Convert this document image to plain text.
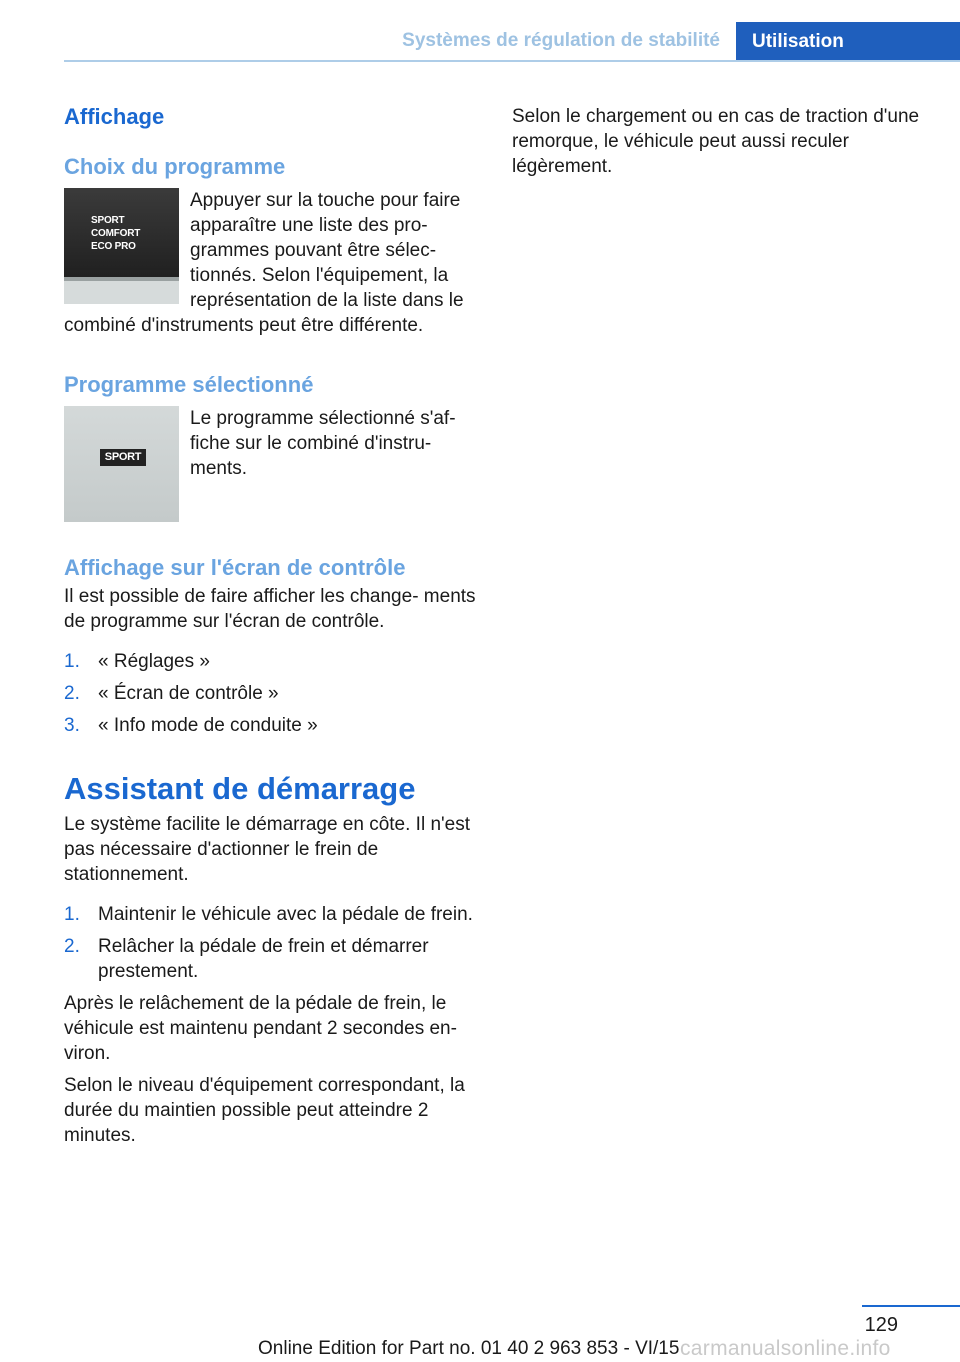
Systèmes de régulation de stabilité	Utilisation
Affichage
Choix du programme
SPORT
COMFORT
ECO PRO

Appuyer sur la touche pour faire apparaître une liste des pro‐ grammes pouvant être sélec‐ tionnés. Selon l'équipement, la représentation de la liste dans le combiné d'instruments peut être différente.

Programme sélectionné
SPORT

Le programme sélectionné s'af‐ fiche sur le combiné d'instru‐ ments.

Affichage sur l'écran de contrôle

Il est possible de faire afficher les change‐ ments de programme sur l'écran de contrôle.

1. « Réglages »
2. « Écran de contrôle »
3. « Info mode de conduite »
Assistant de démarrage

Le système facilite le démarrage en côte. Il n'est pas nécessaire d'actionner le frein de stationnement.

1. Maintenir le véhicule avec la pédale de frein.
2. Relâcher la pédale de frein et démarrer prestement.

Après le relâchement de la pédale de frein, le véhicule est maintenu pendant 2 secondes en‐ viron.

Selon le niveau d'équipement correspondant, la durée du maintien possible peut atteindre 2 minutes.

Selon le chargement ou en cas de traction d'une remorque, le véhicule peut aussi reculer légèrement.

129
Online Edition for Part no. 01 40 2 963 853 - VI/15 carmanualsonline.info
